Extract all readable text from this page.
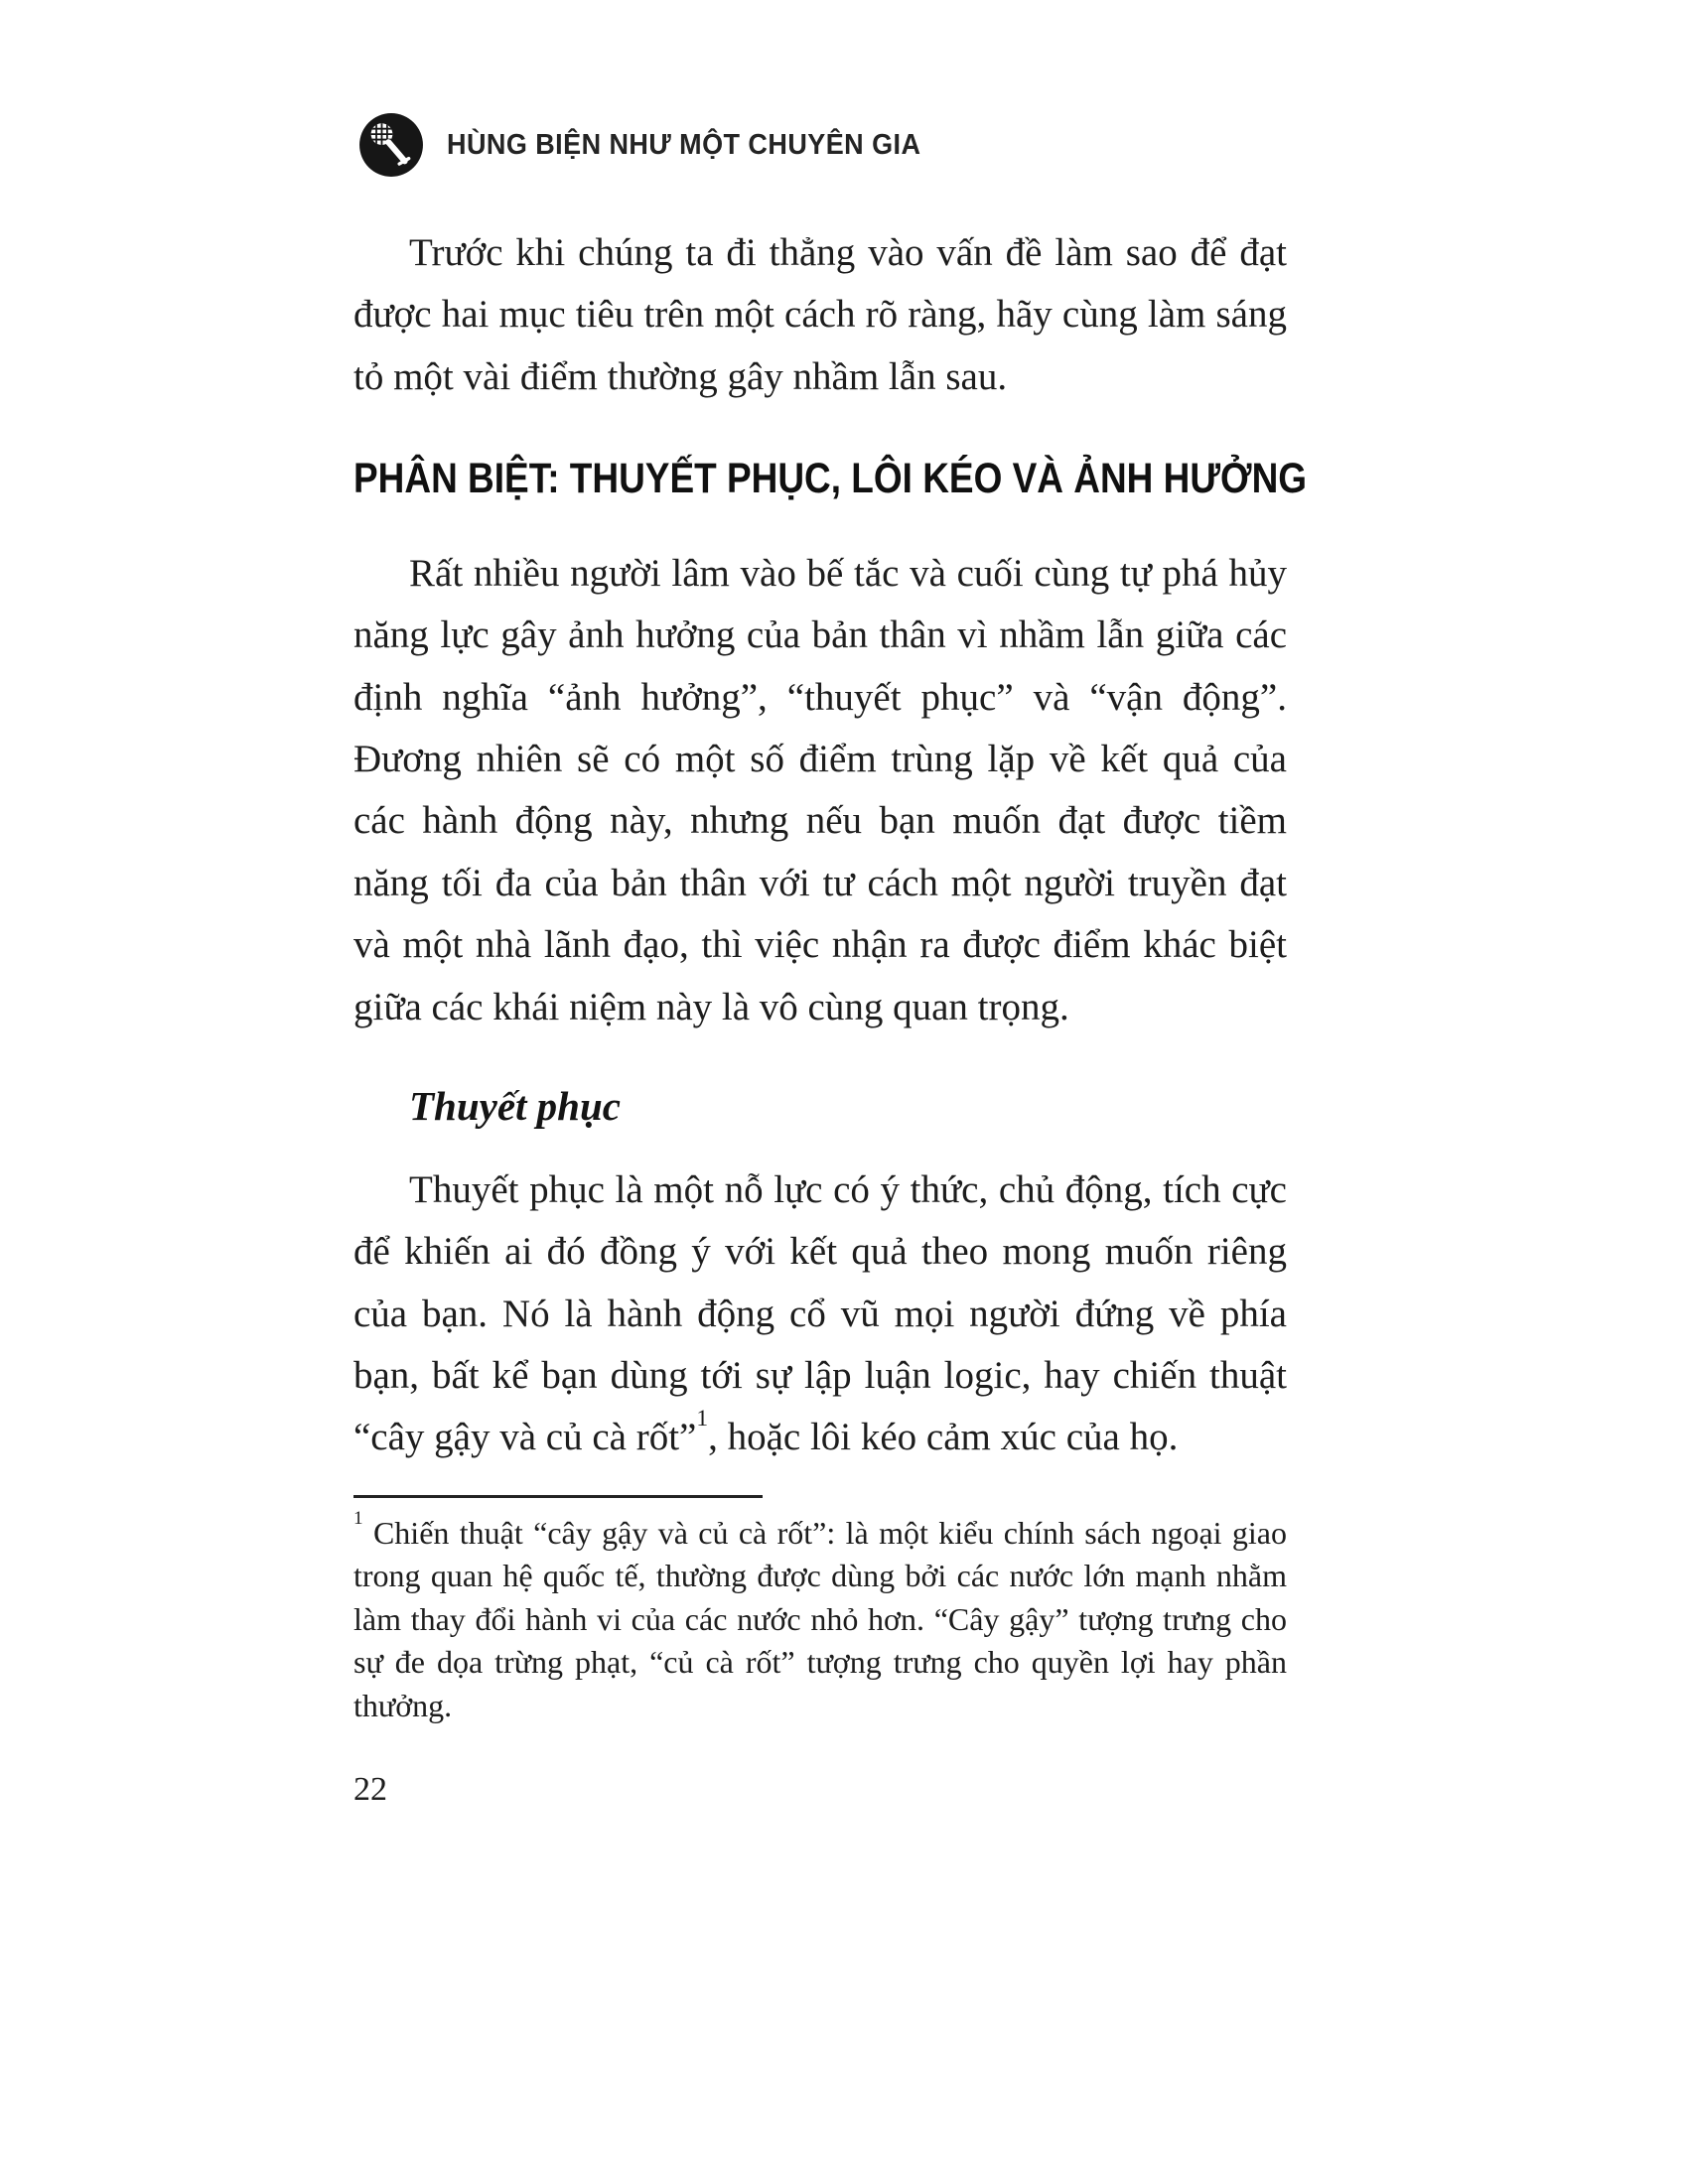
HÙNG BIỆN NHƯ MỘT CHUYÊN GIA

Trước khi chúng ta đi thẳng vào vấn đề làm sao để đạt được hai mục tiêu trên một cách rõ ràng, hãy cùng làm sáng tỏ một vài điểm thường gây nhầm lẫn sau.

PHÂN BIỆT: THUYẾT PHỤC, LÔI KÉO VÀ ẢNH HƯỞNG

Rất nhiều người lâm vào bế tắc và cuối cùng tự phá hủy năng lực gây ảnh hưởng của bản thân vì nhầm lẫn giữa các định nghĩa “ảnh hưởng”, “thuyết phục” và “vận động”. Đương nhiên sẽ có một số điểm trùng lặp về kết quả của các hành động này, nhưng nếu bạn muốn đạt được tiềm năng tối đa của bản thân với tư cách một người truyền đạt và một nhà lãnh đạo, thì việc nhận ra được điểm khác biệt giữa các khái niệm này là vô cùng quan trọng.

Thuyết phục

Thuyết phục là một nỗ lực có ý thức, chủ động, tích cực để khiến ai đó đồng ý với kết quả theo mong muốn riêng của bạn. Nó là hành động cổ vũ mọi người đứng về phía bạn, bất kể bạn dùng tới sự lập luận logic, hay chiến thuật “cây gậy và củ cà rốt”$^1$, hoặc lôi kéo cảm xúc của họ.

$^1$ Chiến thuật “cây gậy và củ cà rốt”: là một kiểu chính sách ngoại giao trong quan hệ quốc tế, thường được dùng bởi các nước lớn mạnh nhằm làm thay đổi hành vi của các nước nhỏ hơn. “Cây gậy” tượng trưng cho sự đe dọa trừng phạt, “củ cà rốt” tượng trưng cho quyền lợi hay phần thưởng.

22
